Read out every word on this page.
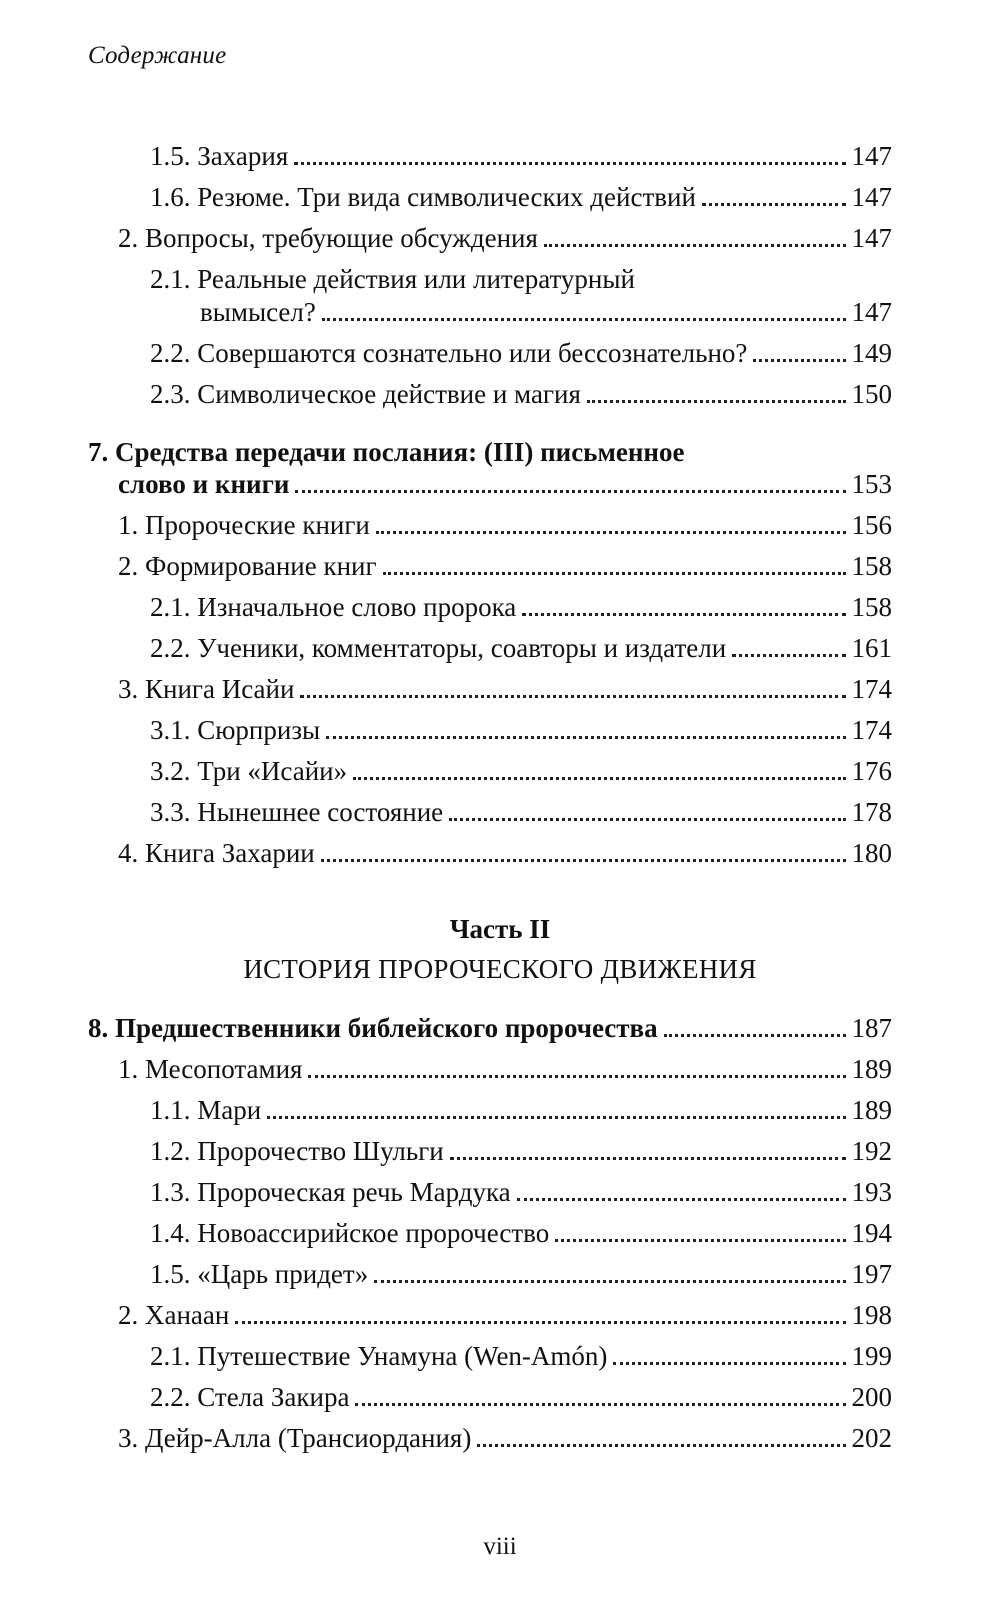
Содержание
1.5. Захария	147
1.6. Резюме. Три вида символических действий	147
2. Вопросы, требующие обсуждения	147
2.1. Реальные действия или литературный
вымысел?	147
2.2. Совершаются сознательно или бессознательно?	149
2.3. Символическое действие и магия	150
7. Средства передачи послания: (III) письменное
слово и книги	153
1. Пророческие книги	156
2. Формирование книг	158
2.1. Изначальное слово пророка	158
2.2. Ученики, комментаторы, соавторы и издатели	161
3. Книга Исайи	174
3.1. Сюрпризы	174
3.2. Три «Исайи»	176
3.3. Нынешнее состояние	178
4. Книга Захарии	180
Часть II
ИСТОРИЯ ПРОРОЧЕСКОГО ДВИЖЕНИЯ
8. Предшественники библейского пророчества	187
1. Месопотамия	189
1.1. Мари	189
1.2. Пророчество Шульги	192
1.3. Пророческая речь Мардука	193
1.4. Новоассирийское пророчество	194
1.5. «Царь придет»	197
2. Ханаан	198
2.1. Путешествие Унамуна (Wen-Amón)	199
2.2. Стела Закира	200
3. Дейр-Алла (Трансиордания)	202
viii
